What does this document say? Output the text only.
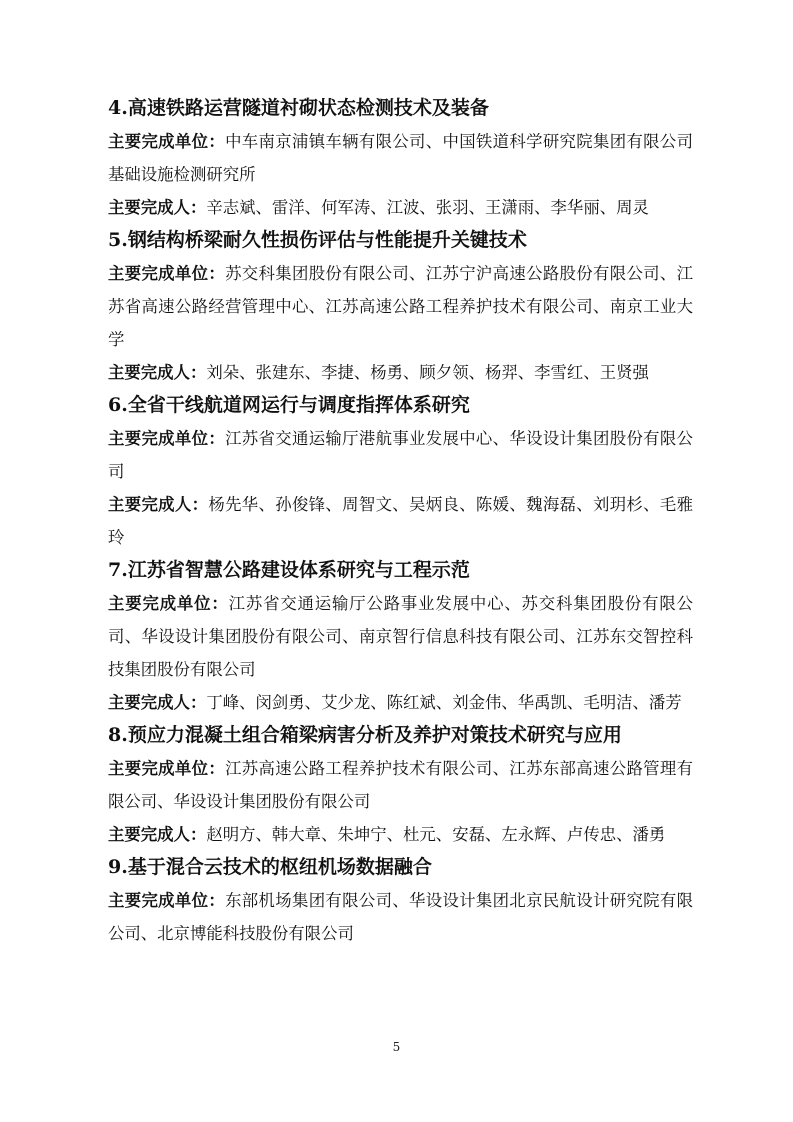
4.高速铁路运营隧道衬砌状态检测技术及装备

主要完成单位：中车南京浦镇车辆有限公司、中国铁道科学研究院集团有限公司基础设施检测研究所

主要完成人：辛志斌、雷洋、何军涛、江波、张羽、王潇雨、李华丽、周灵

5.钢结构桥梁耐久性损伤评估与性能提升关键技术

主要完成单位：苏交科集团股份有限公司、江苏宁沪高速公路股份有限公司、江苏省高速公路经营管理中心、江苏高速公路工程养护技术有限公司、南京工业大学

主要完成人：刘朵、张建东、李捷、杨勇、顾夕领、杨羿、李雪红、王贤强

6.全省干线航道网运行与调度指挥体系研究

主要完成单位：江苏省交通运输厅港航事业发展中心、华设设计集团股份有限公司

主要完成人：杨先华、孙俊锋、周智文、吴炳良、陈媛、魏海磊、刘玥杉、毛雅玲

7.江苏省智慧公路建设体系研究与工程示范

主要完成单位：江苏省交通运输厅公路事业发展中心、苏交科集团股份有限公司、华设设计集团股份有限公司、南京智行信息科技有限公司、江苏东交智控科技集团股份有限公司

主要完成人：丁峰、闵剑勇、艾少龙、陈红斌、刘金伟、华禹凯、毛明洁、潘芳

8.预应力混凝土组合箱梁病害分析及养护对策技术研究与应用

主要完成单位：江苏高速公路工程养护技术有限公司、江苏东部高速公路管理有限公司、华设设计集团股份有限公司

主要完成人：赵明方、韩大章、朱坤宁、杜元、安磊、左永辉、卢传忠、潘勇

9.基于混合云技术的枢纽机场数据融合

主要完成单位：东部机场集团有限公司、华设设计集团北京民航设计研究院有限公司、北京博能科技股份有限公司

5
